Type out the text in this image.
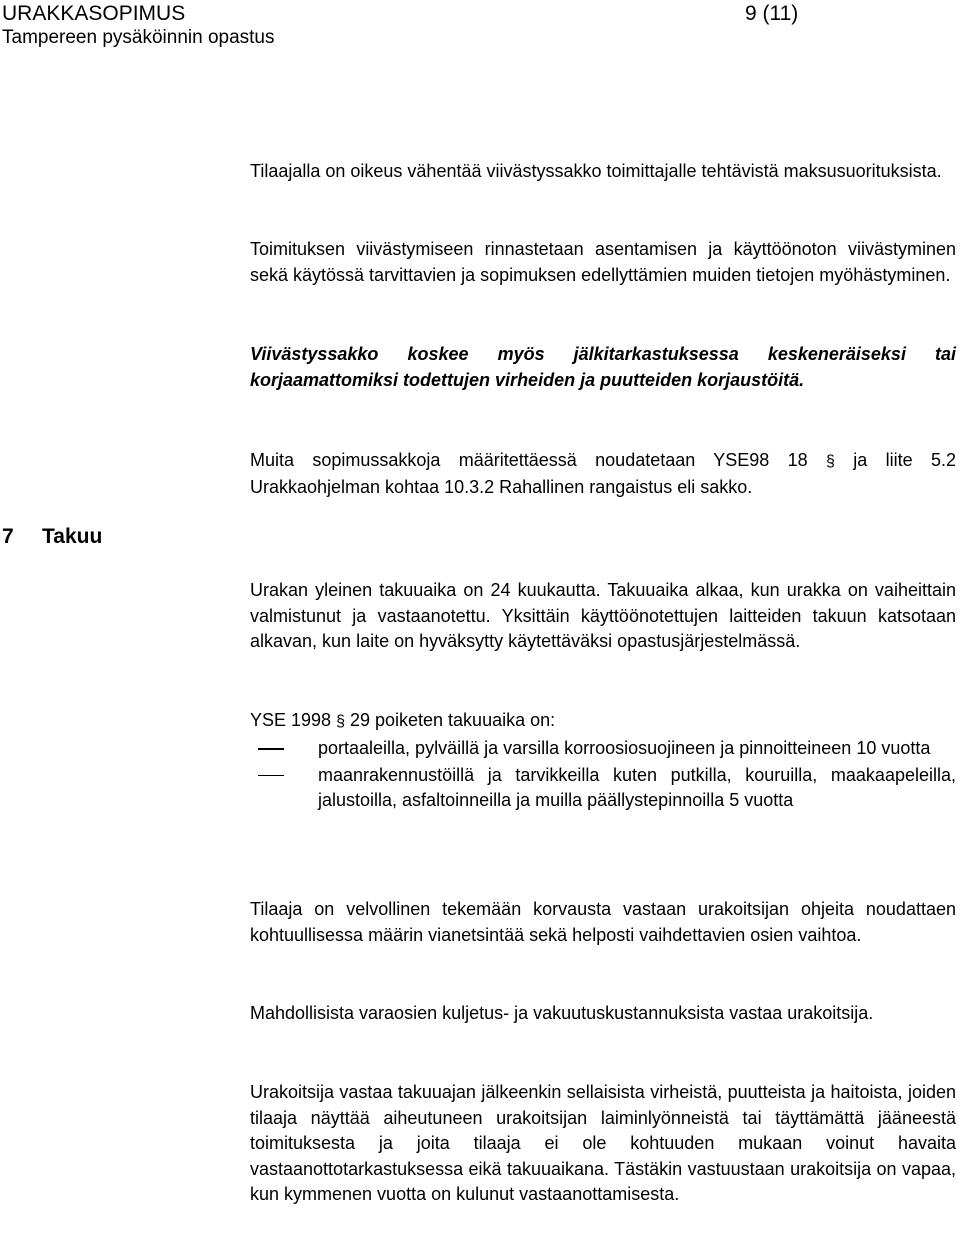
URAKKASOPIMUS	9 (11)
Tampereen pysäköinnin opastus

Tilaajalla on oikeus vähentää viivästyssakko toimittajalle tehtävistä maksusuorituksista.

Toimituksen viivästymiseen rinnastetaan asentamisen ja käyttöönoton viivästyminen sekä käytössä tarvittavien ja sopimuksen edellyttämien muiden tietojen myöhästyminen.

Viivästyssakko koskee myös jälkitarkastuksessa keskeneräiseksi tai korjaamattomiksi todettujen virheiden ja puutteiden korjaustöitä.

Muita sopimussakkoja määritettäessä noudatetaan YSE98 18 § ja liite 5.2 Urakkaohjelman kohtaa 10.3.2 Rahallinen rangaistus eli sakko.

7 Takuu

Urakan yleinen takuuaika on 24 kuukautta. Takuuaika alkaa, kun urakka on vaiheittain valmistunut ja vastaanotettu. Yksittäin käyttöönotettujen laitteiden takuun katsotaan alkavan, kun laite on hyväksytty käytettäväksi opastusjärjestelmässä.

YSE 1998 § 29 poiketen takuuaika on:

portaaleilla, pylväillä ja varsilla korroosiosuojineen ja pinnoitteineen 10 vuotta
maanrakennustöillä ja tarvikkeilla kuten putkilla, kouruilla, maakaapeleilla, jalustoilla, asfaltoinneilla ja muilla päällystepinnoilla 5 vuotta

Tilaaja on velvollinen tekemään korvausta vastaan urakoitsijan ohjeita noudattaen kohtuullisessa määrin vianetsintää sekä helposti vaihdettavien osien vaihtoa.

Mahdollisista varaosien kuljetus- ja vakuutuskustannuksista vastaa urakoitsija.

Urakoitsija vastaa takuuajan jälkeenkin sellaisista virheistä, puutteista ja haitoista, joiden tilaaja näyttää aiheutuneen urakoitsijan laiminlyönneistä tai täyttämättä jääneestä toimituksesta ja joita tilaaja ei ole kohtuuden mukaan voinut havaita vastaanottotarkastuksessa eikä takuuaikana. Tästäkin vastuustaan urakoitsija on vapaa, kun kymmenen vuotta on kulunut vastaanottamisesta.
